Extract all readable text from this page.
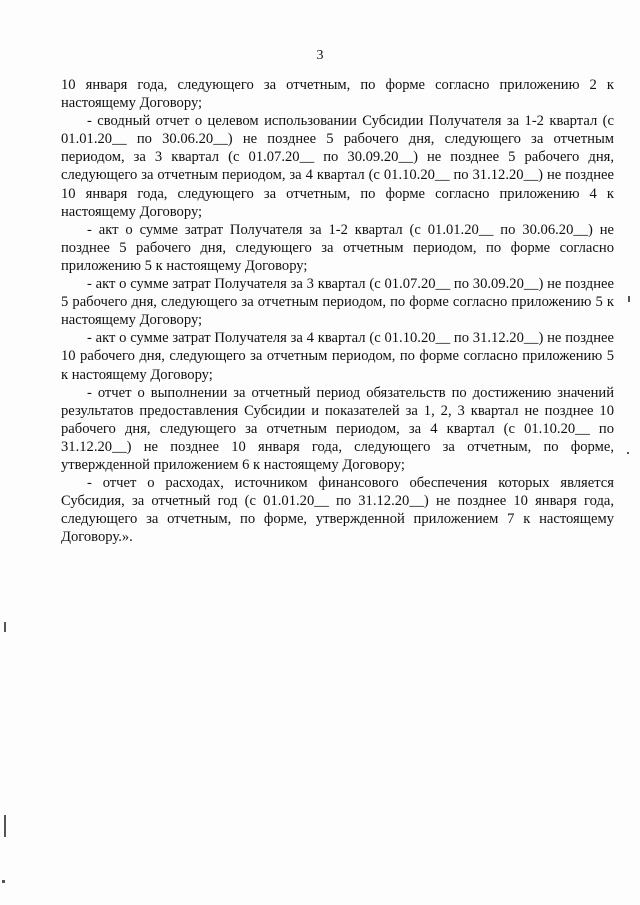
3

10 января года, следующего за отчетным, по форме согласно приложению 2 к настоящему Договору;

- сводный отчет о целевом использовании Субсидии Получателя за 1-2 квартал (с 01.01.20__ по 30.06.20__) не позднее 5 рабочего дня, следующего за отчетным периодом, за 3 квартал (с 01.07.20__ по 30.09.20__) не позднее 5 рабочего дня, следующего за отчетным периодом, за 4 квартал (с 01.10.20__ по 31.12.20__) не позднее 10 января года, следующего за отчетным, по форме согласно приложению 4 к настоящему Договору;

- акт о сумме затрат Получателя за 1-2 квартал (с 01.01.20__ по 30.06.20__) не позднее 5 рабочего дня, следующего за отчетным периодом, по форме согласно приложению 5 к настоящему Договору;

- акт о сумме затрат Получателя за 3 квартал (с 01.07.20__ по 30.09.20__) не позднее 5 рабочего дня, следующего за отчетным периодом, по форме согласно приложению 5 к настоящему Договору;

- акт о сумме затрат Получателя за 4 квартал (с 01.10.20__ по 31.12.20__) не позднее 10 рабочего дня, следующего за отчетным периодом, по форме согласно приложению 5 к настоящему Договору;

- отчет о выполнении за отчетный период обязательств по достижению значений результатов предоставления Субсидии и показателей за 1, 2, 3 квартал не позднее 10 рабочего дня, следующего за отчетным периодом, за 4 квартал (с 01.10.20__ по 31.12.20__) не позднее 10 января года, следующего за отчетным, по форме, утвержденной приложением 6 к настоящему Договору;

- отчет о расходах, источником финансового обеспечения которых является Субсидия, за отчетный год (с 01.01.20__ по 31.12.20__) не позднее 10 января года, следующего за отчетным, по форме, утвержденной приложением 7 к настоящему Договору.».
